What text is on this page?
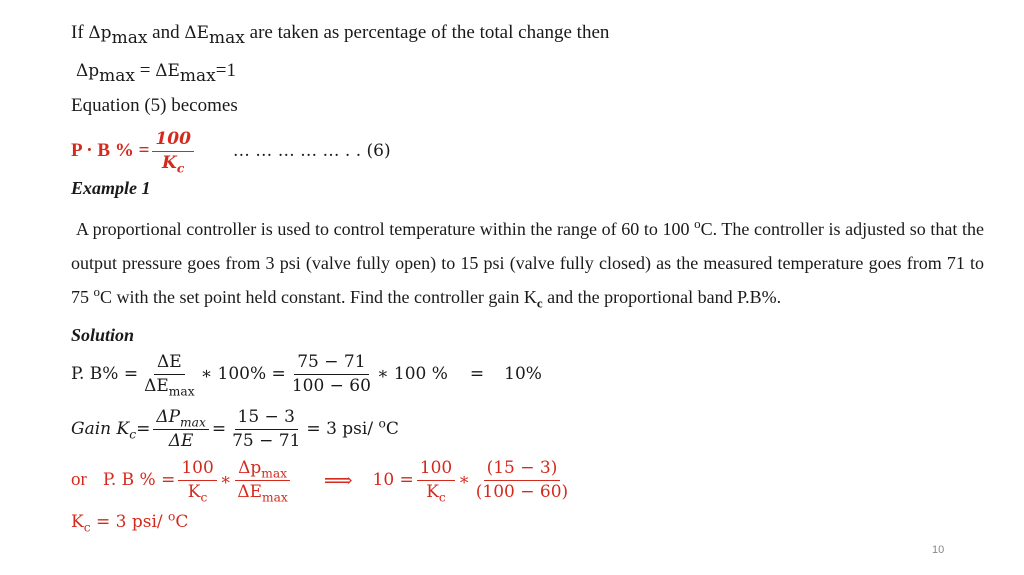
If $\Delta p_{max}$ and $\Delta E_{max}$ are taken as percentage of the total change then
$\Delta p_{max} = \Delta E_{max}=1$
Equation (5) becomes
P · B % = $\frac{100}{K_c}$ … … … … … . . (6)
Example 1
A proportional controller is used to control temperature within the range of 60 to 100 $^o$C. The controller is adjusted so that the output pressure goes from 3 psi (valve fully open) to 15 psi (valve fully closed) as the measured temperature goes from 71 to 75 $^o$C with the set point held constant. Find the controller gain $K_c$ and the proportional band P.B%.
Solution
P. $B\% = \frac{\Delta E}{\Delta E_{max}}$ ∗ $100\% = \frac{75 - 71}{100 - 60}$ ∗ 100 % = 10%
Gain $K_c = \frac{\Delta P_{max}}{\Delta E} = \frac{15 - 3}{75 - 71} = 3$ psi/ $^o$C
or P. B % = $\frac{100}{K_c}$ ∗ $\frac{\Delta p_{max}}{\Delta E_{max}}$ ⟹ $10 = \frac{100}{K_c}$ ∗ $\frac{(15 - 3)}{(100 - 60)}$
$K_c = 3$ psi/ $^o$C
10
